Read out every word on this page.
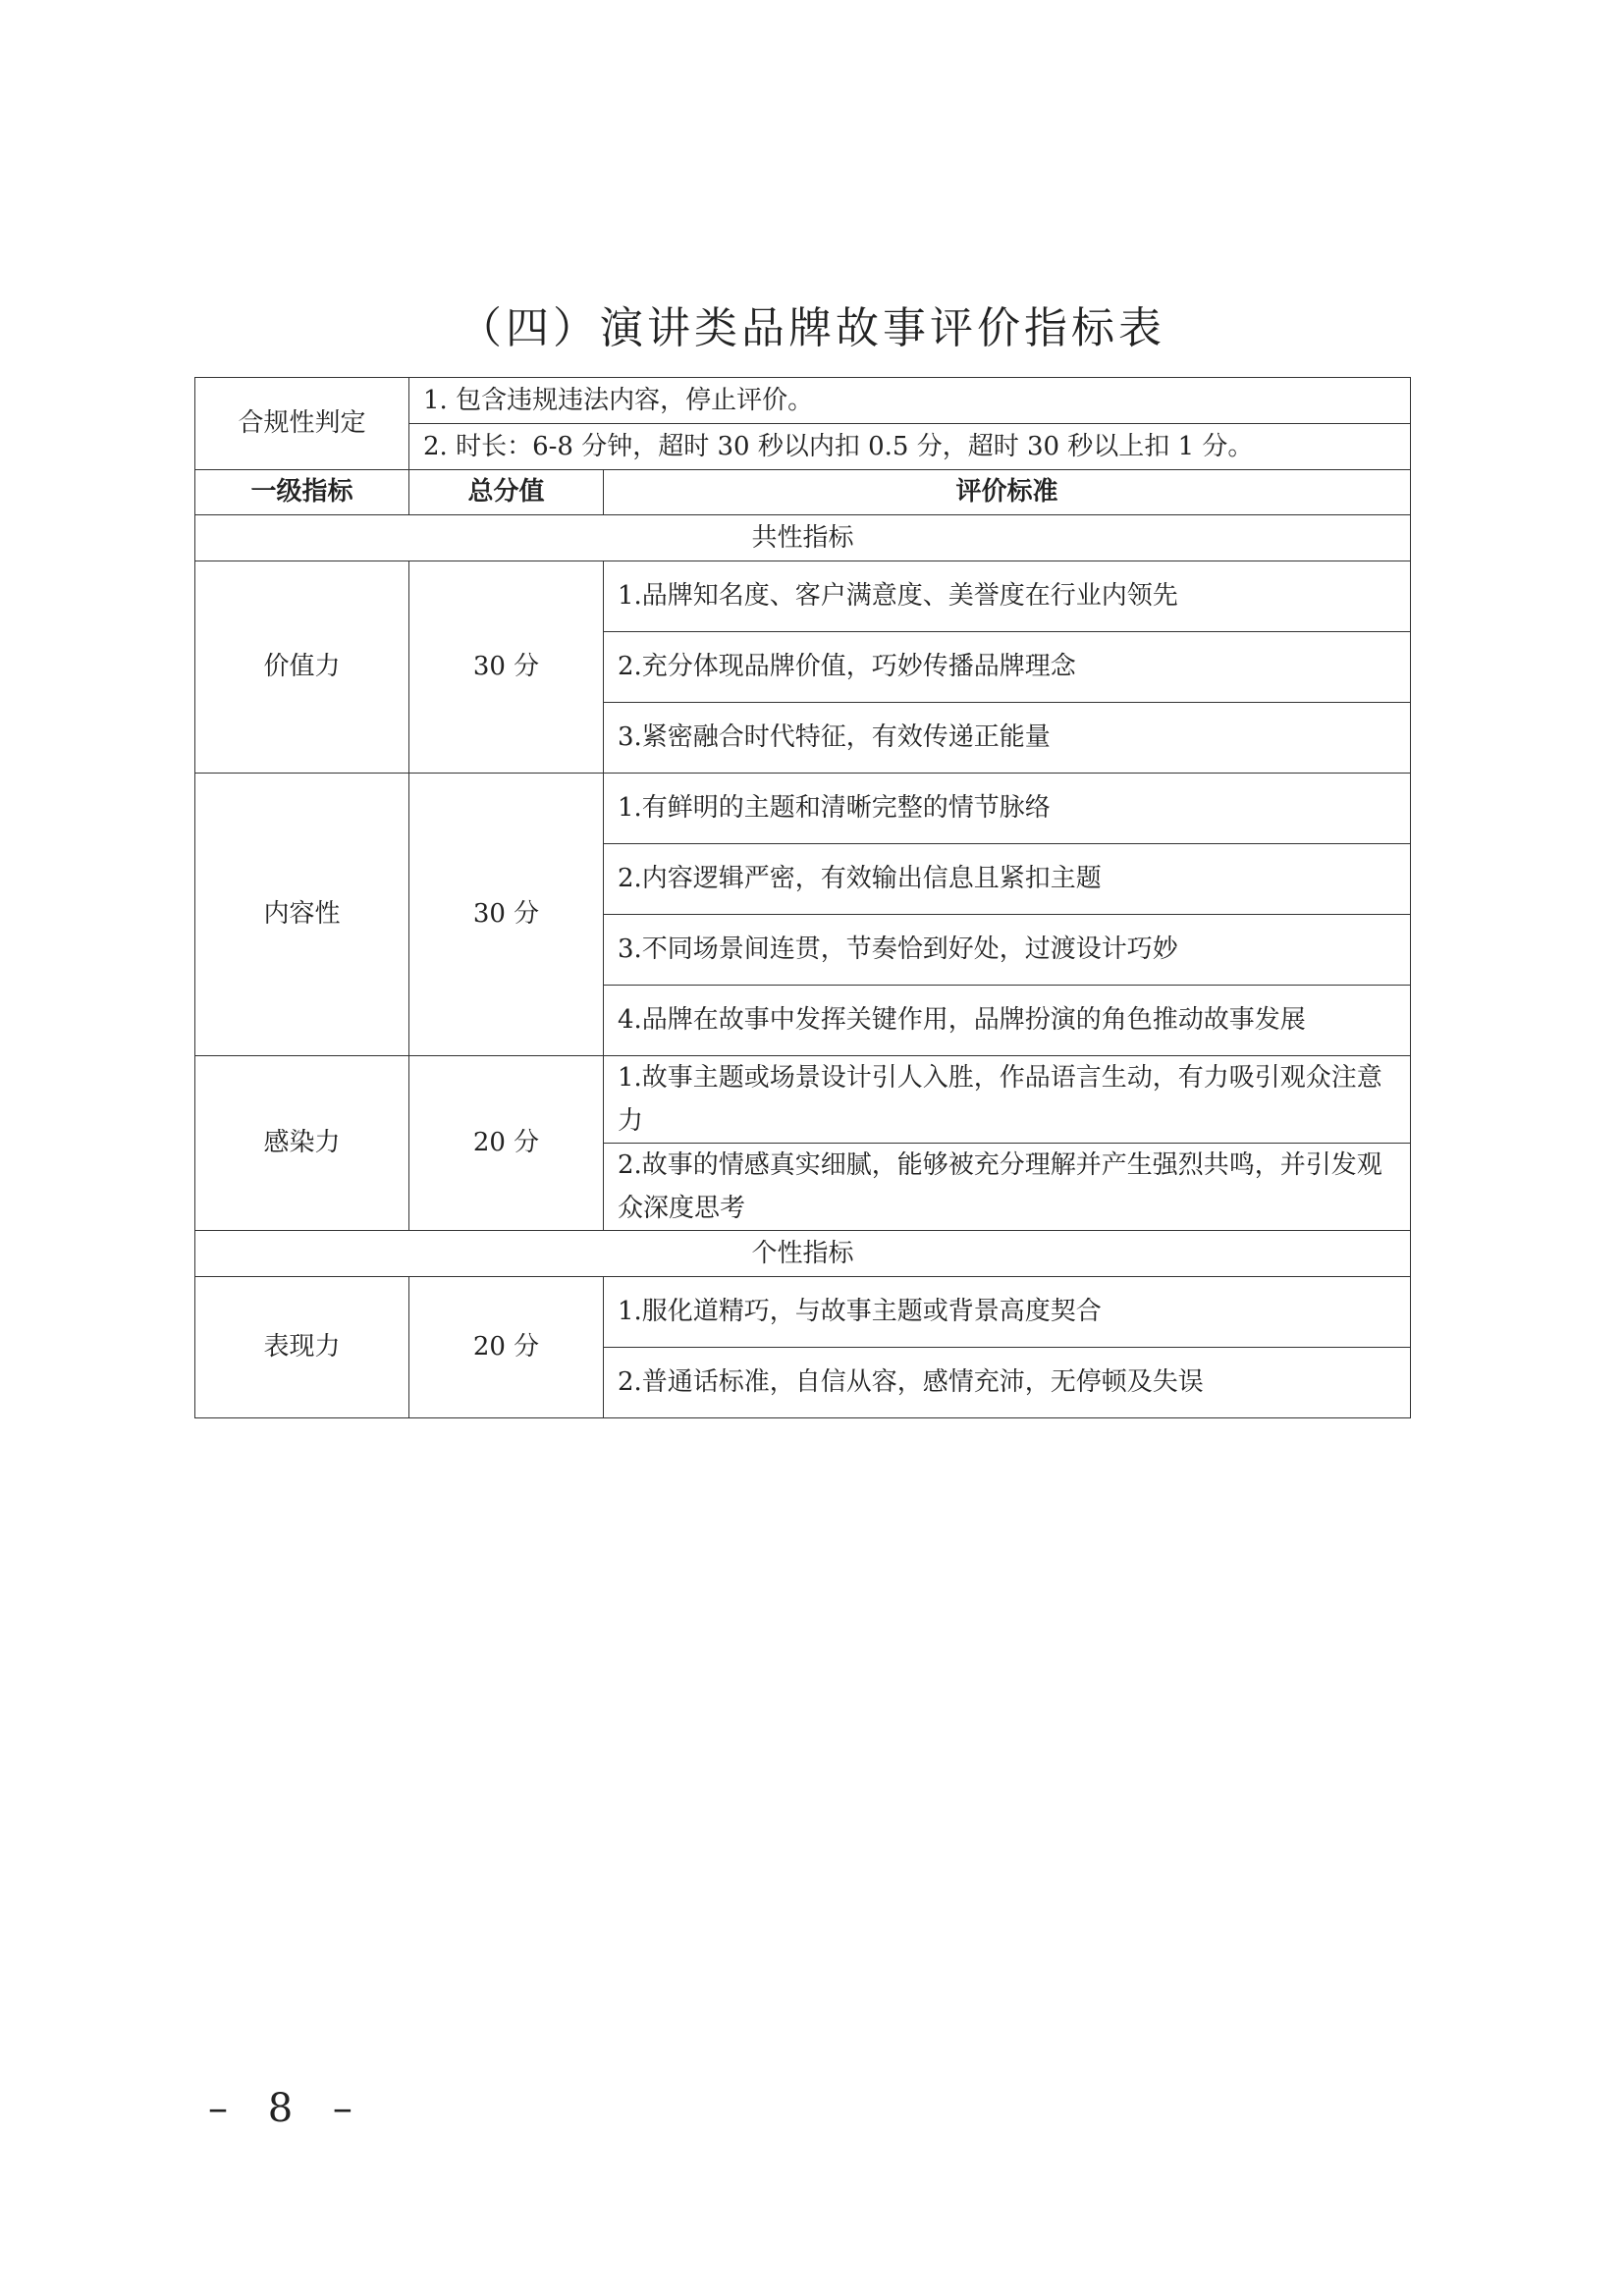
（四）演讲类品牌故事评价指标表
合规性判定	1. 包含违规违法内容，停止评价。	
	2. 时长：6-8 分钟，超时 30 秒以内扣 0.5 分，超时 30 秒以上扣 1 分。	
一级指标	总分值	评价标准
共性指标		
价值力	30 分	1.品牌知名度、客户满意度、美誉度在行业内领先
		2.充分体现品牌价值，巧妙传播品牌理念
		3.紧密融合时代特征，有效传递正能量
内容性	30 分	1.有鲜明的主题和清晰完整的情节脉络
		2.内容逻辑严密，有效输出信息且紧扣主题
		3.不同场景间连贯，节奏恰到好处，过渡设计巧妙
		4.品牌在故事中发挥关键作用，品牌扮演的角色推动故事发展
感染力	20 分	1.故事主题或场景设计引人入胜，作品语言生动，有力吸引观众注意力
		2.故事的情感真实细腻，能够被充分理解并产生强烈共鸣，并引发观众深度思考
个性指标		
表现力	20 分	1.服化道精巧，与故事主题或背景高度契合
		2.普通话标准，自信从容，感情充沛，无停顿及失误
– 8 –
